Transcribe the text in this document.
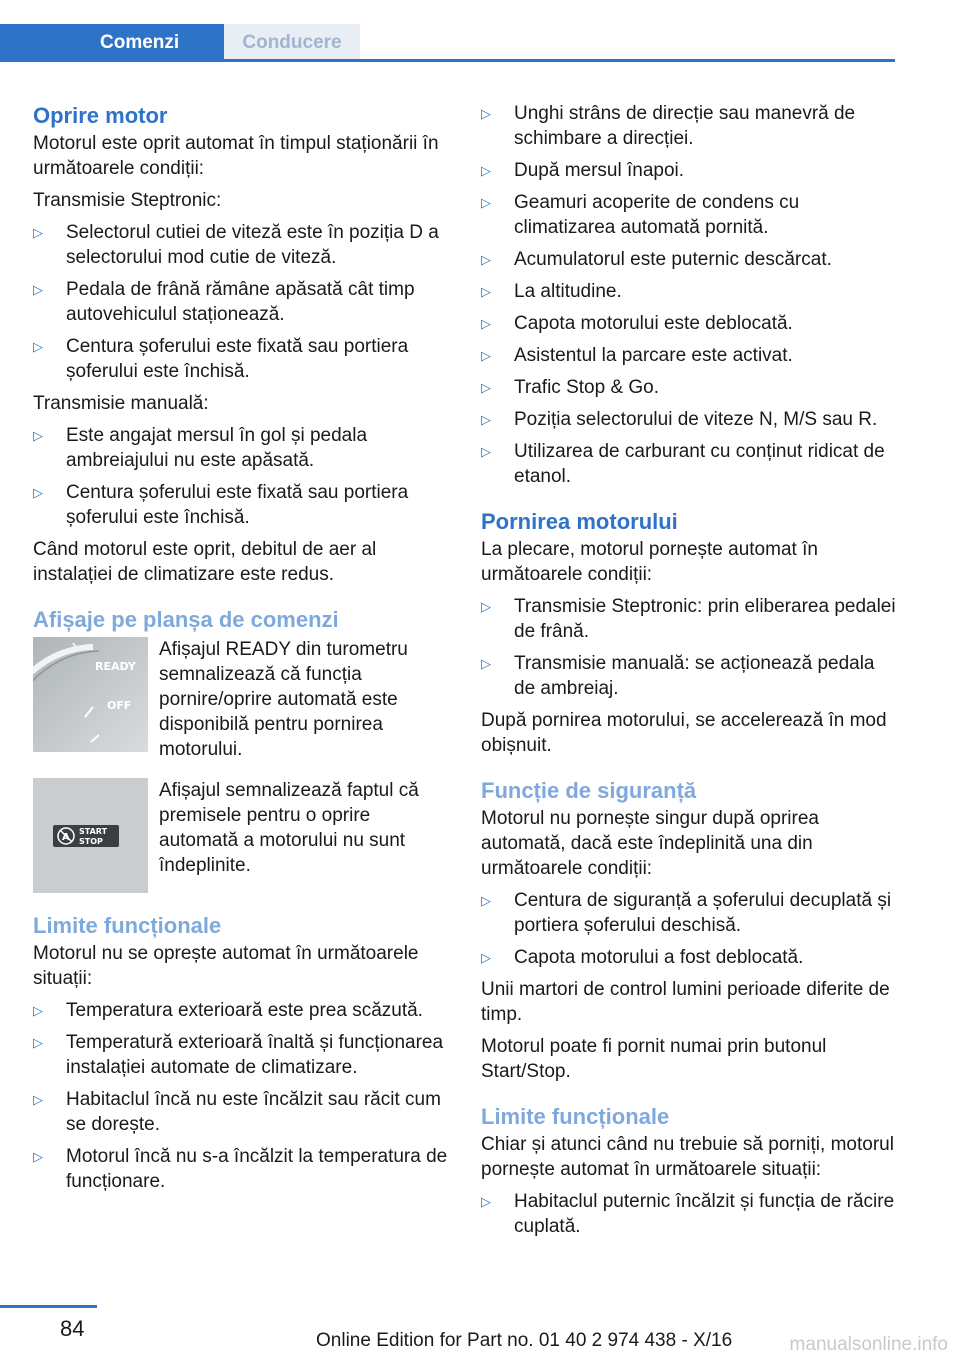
Comenzi	Conducere
Oprire motor

Motorul este oprit automat în timpul staționării în următoarele condiții:

Transmisie Steptronic:

▷ Selectorul cutiei de viteză este în poziția D a selectorului mod cutie de viteză.
▷ Pedala de frână rămâne apăsată cât timp autovehiculul staționează.
▷ Centura șoferului este fixată sau portiera șoferului este închisă.

Transmisie manuală:

▷ Este angajat mersul în gol și pedala ambreiajului nu este apăsată.
▷ Centura șoferului este fixată sau portiera șoferului este închisă.

Când motorul este oprit, debitul de aer al instalației de climatizare este redus.

Afișaje pe planșa de comenzi
READY
OFF
Afișajul READY din turometru semnalizează că funcția pornire/oprire automată este disponibilă pentru pornirea motorului.
A
START
STOP
Afișajul semnalizează faptul că premisele pentru o oprire automată a motorului nu sunt îndeplinite.
Limite funcționale

Motorul nu se oprește automat în următoarele situații:

▷ Temperatura exterioară este prea scăzută.
▷ Temperatură exterioară înaltă și funcționarea instalației automate de climatizare.
▷ Habitaclul încă nu este încălzit sau răcit cum se dorește.
▷ Motorul încă nu s-a încălzit la temperatura de funcționare.
▷ Unghi strâns de direcție sau manevră de schimbare a direcției.
▷ După mersul înapoi.
▷ Geamuri acoperite de condens cu climatizarea automată pornită.
▷ Acumulatorul este puternic descărcat.
▷ La altitudine.
▷ Capota motorului este deblocată.
▷ Asistentul la parcare este activat.
▷ Trafic Stop & Go.
▷ Poziția selectorului de viteze N, M/S sau R.
▷ Utilizarea de carburant cu conținut ridicat de etanol.
Pornirea motorului

La plecare, motorul pornește automat în următoarele condiții:

▷ Transmisie Steptronic: prin eliberarea pedalei de frână.
▷ Transmisie manuală: se acționează pedala de ambreiaj.

După pornirea motorului, se accelerează în mod obișnuit.

Funcție de siguranță

Motorul nu pornește singur după oprirea automată, dacă este îndeplinită una din următoarele condiții:

▷ Centura de siguranță a șoferului decuplată și portiera șoferului deschisă.
▷ Capota motorului a fost deblocată.

Unii martori de control lumini perioade diferite de timp.

Motorul poate fi pornit numai prin butonul Start/Stop.

Limite funcționale

Chiar și atunci când nu trebuie să porniți, motorul pornește automat în următoarele situații:

▷ Habitaclul puternic încălzit și funcția de răcire cuplată.
84	Online Edition for Part no. 01 40 2 974 438 - X/16	manualsonline.info
